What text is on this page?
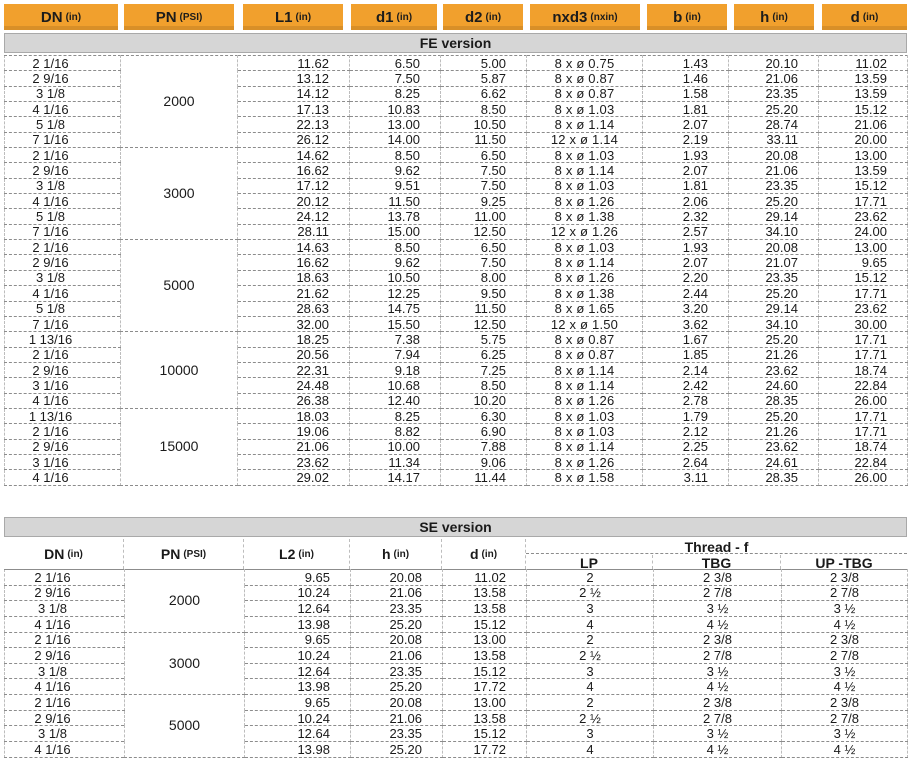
DN (in)	PN (PSI)	L1 (in)	d1 (in)	d2 (in)	nxd3 (nxin)	b (in)	h (in)	d (in)
FE version
2 1/16	2000	11.62	6.50	5.00	8 x ø 0.75	1.43	20.10	11.02
2 9/16		13.12	7.50	5.87	8 x ø 0.87	1.46	21.06	13.59
3 1/8		14.12	8.25	6.62	8 x ø 0.87	1.58	23.35	13.59
4 1/16		17.13	10.83	8.50	8 x ø 1.03	1.81	25.20	15.12
5 1/8		22.13	13.00	10.50	8 x ø 1.14	2.07	28.74	21.06
7 1/16		26.12	14.00	11.50	12 x ø 1.14	2.19	33.11	20.00
2 1/16	3000	14.62	8.50	6.50	8 x ø 1.03	1.93	20.08	13.00
2 9/16		16.62	9.62	7.50	8 x ø 1.14	2.07	21.06	13.59
3 1/8		17.12	9.51	7.50	8 x ø 1.03	1.81	23.35	15.12
4 1/16		20.12	11.50	9.25	8 x ø 1.26	2.06	25.20	17.71
5 1/8		24.12	13.78	11.00	8 x ø 1.38	2.32	29.14	23.62
7 1/16		28.11	15.00	12.50	12 x ø 1.26	2.57	34.10	24.00
2 1/16	5000	14.63	8.50	6.50	8 x ø 1.03	1.93	20.08	13.00
2 9/16		16.62	9.62	7.50	8 x ø 1.14	2.07	21.07	9.65
3 1/8		18.63	10.50	8.00	8 x ø 1.26	2.20	23.35	15.12
4 1/16		21.62	12.25	9.50	8 x ø 1.38	2.44	25.20	17.71
5 1/8		28.63	14.75	11.50	8 x ø 1.65	3.20	29.14	23.62
7 1/16		32.00	15.50	12.50	12 x ø 1.50	3.62	34.10	30.00
1 13/16	10000	18.25	7.38	5.75	8 x ø 0.87	1.67	25.20	17.71
2 1/16		20.56	7.94	6.25	8 x ø 0.87	1.85	21.26	17.71
2 9/16		22.31	9.18	7.25	8 x ø 1.14	2.14	23.62	18.74
3 1/16		24.48	10.68	8.50	8 x ø 1.14	2.42	24.60	22.84
4 1/16		26.38	12.40	10.20	8 x ø 1.26	2.78	28.35	26.00
1 13/16	15000	18.03	8.25	6.30	8 x ø 1.03	1.79	25.20	17.71
2 1/16		19.06	8.82	6.90	8 x ø 1.03	2.12	21.26	17.71
2 9/16		21.06	10.00	7.88	8 x ø 1.14	2.25	23.62	18.74
3 1/16		23.62	11.34	9.06	8 x ø 1.26	2.64	24.61	22.84
4 1/16		29.02	14.17	11.44	8 x ø 1.58	3.11	28.35	26.00
SE version
DN (in)	PN (PSI)	L2 (in)	h (in)	d (in)	Thread - f
LP	TBG	UP -TBG
2 1/16	2000	9.65	20.08	11.02	2	2 3/8	2 3/8
2 9/16		10.24	21.06	13.58	2 ½	2 7/8	2 7/8
3 1/8		12.64	23.35	13.58	3	3 ½	3 ½
4 1/16		13.98	25.20	15.12	4	4 ½	4 ½
2 1/16	3000	9.65	20.08	13.00	2	2 3/8	2 3/8
2 9/16		10.24	21.06	13.58	2 ½	2 7/8	2 7/8
3 1/8		12.64	23.35	15.12	3	3 ½	3 ½
4 1/16		13.98	25.20	17.72	4	4 ½	4 ½
2 1/16	5000	9.65	20.08	13.00	2	2 3/8	2 3/8
2 9/16		10.24	21.06	13.58	2 ½	2 7/8	2 7/8
3 1/8		12.64	23.35	15.12	3	3 ½	3 ½
4 1/16		13.98	25.20	17.72	4	4 ½	4 ½
